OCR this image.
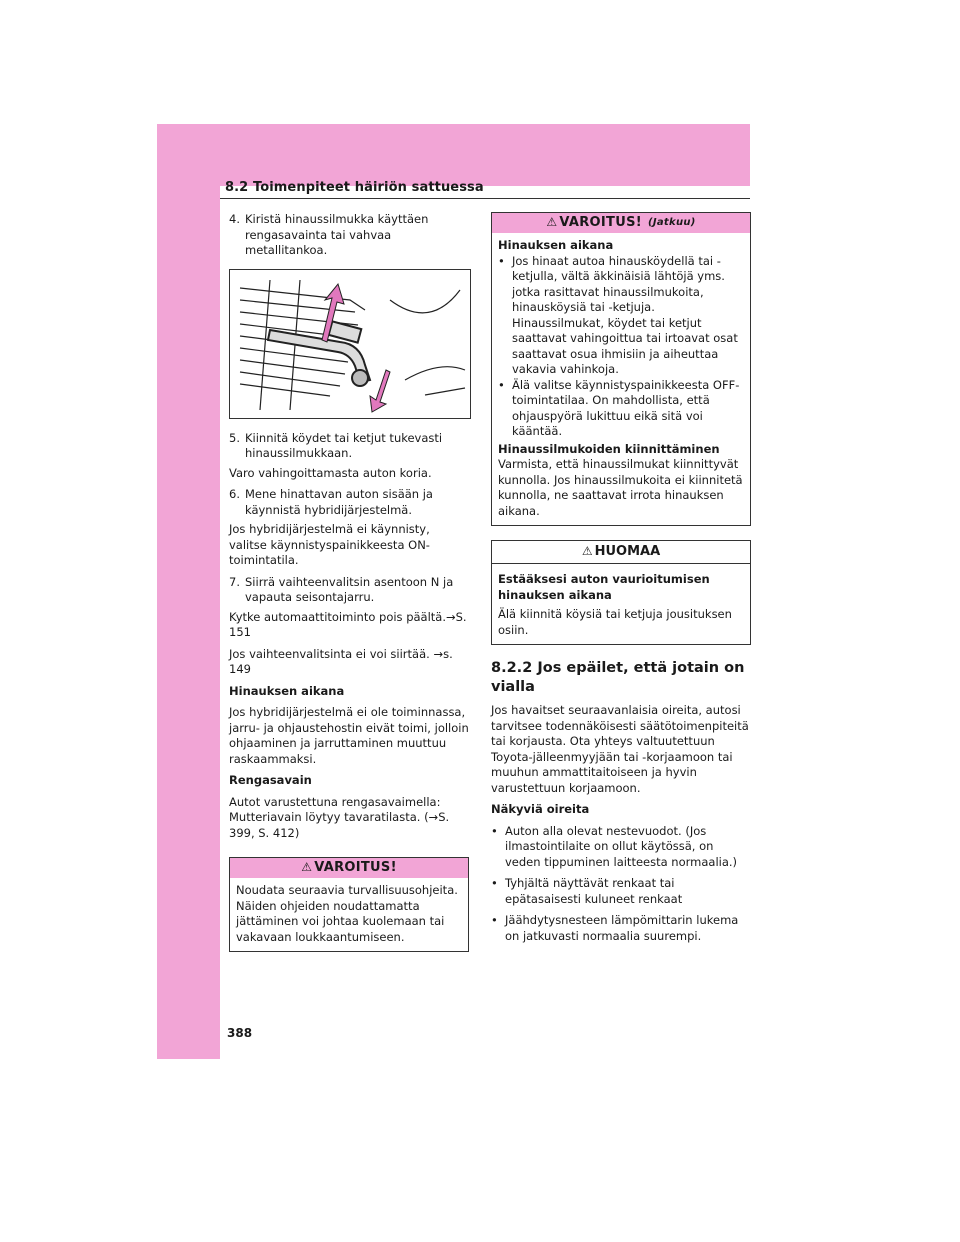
8.2 Toimenpiteet häiriön sattuessa
4. Kiristä hinaussilmukka käyttäen rengasavainta tai vahvaa metallitankoa.
5. Kiinnitä köydet tai ketjut tukevasti hinaussilmukkaan.

Varo vahingoittamasta auton koria.

6. Mene hinattavan auton sisään ja käynnistä hybridijärjestelmä.

Jos hybridijärjestelmä ei käynnisty, valitse käynnistyspainikkeesta ON-toimintatila.

7. Siirrä vaihteenvalitsin asentoon N ja vapauta seisontajarru.

Kytke automaattitoiminto pois päältä.→S. 151

Jos vaihteenvalitsinta ei voi siirtää. →s. 149

Hinauksen aikana

Jos hybridijärjestelmä ei ole toiminnassa, jarru- ja ohjaustehostin eivät toimi, jolloin ohjaaminen ja jarruttaminen muuttuu raskaammaksi.

Rengasavain

Autot varustettuna rengasavaimella: Mutteriavain löytyy tavaratilasta. (→S. 399, S. 412)

⚠ VAROITUS!
Noudata seuraavia turvallisuusohjeita. Näiden ohjeiden noudattamatta jättäminen voi johtaa kuolemaan tai vakavaan loukkaantumiseen.
⚠ VAROITUS! (Jatkuu)
Hinauksen aikana
• Jos hinaat autoa hinausköydellä tai -ketjulla, vältä äkkinäisiä lähtöjä yms. jotka rasittavat hinaussilmukoita, hinausköysiä tai -ketjuja. Hinaussilmukat, köydet tai ketjut saattavat vahingoittua tai irtoavat osat saattavat osua ihmisiin ja aiheuttaa vakavia vahinkoja.
• Älä valitse käynnistyspainikkeesta OFF-toimintatilaa. On mahdollista, että ohjauspyörä lukittuu eikä sitä voi kääntää.
Hinaussilmukoiden kiinnittäminen
Varmista, että hinaussilmukat kiinnittyvät kunnolla. Jos hinaussilmukoita ei kiinnitetä kunnolla, ne saattavat irrota hinauksen aikana.
⚠ HUOMAA
Estääksesi auton vaurioitumisen hinauksen aikana
Älä kiinnitä köysiä tai ketjuja jousituksen osiin.
8.2.2 Jos epäilet, että jotain on vialla

Jos havaitset seuraavanlaisia oireita, autosi tarvitsee todennäköisesti säätötoimenpiteitä tai korjausta. Ota yhteys valtuutettuun Toyota-jälleenmyyjään tai -korjaamoon tai muuhun ammattitaitoiseen ja hyvin varustettuun korjaamoon.

Näkyviä oireita

• Auton alla olevat nestevuodot. (Jos ilmastointilaite on ollut käytössä, on veden tippuminen laitteesta normaalia.)
• Tyhjältä näyttävät renkaat tai epätasaisesti kuluneet renkaat
• Jäähdytysnesteen lämpömittarin lukema on jatkuvasti normaalia suurempi.
388
